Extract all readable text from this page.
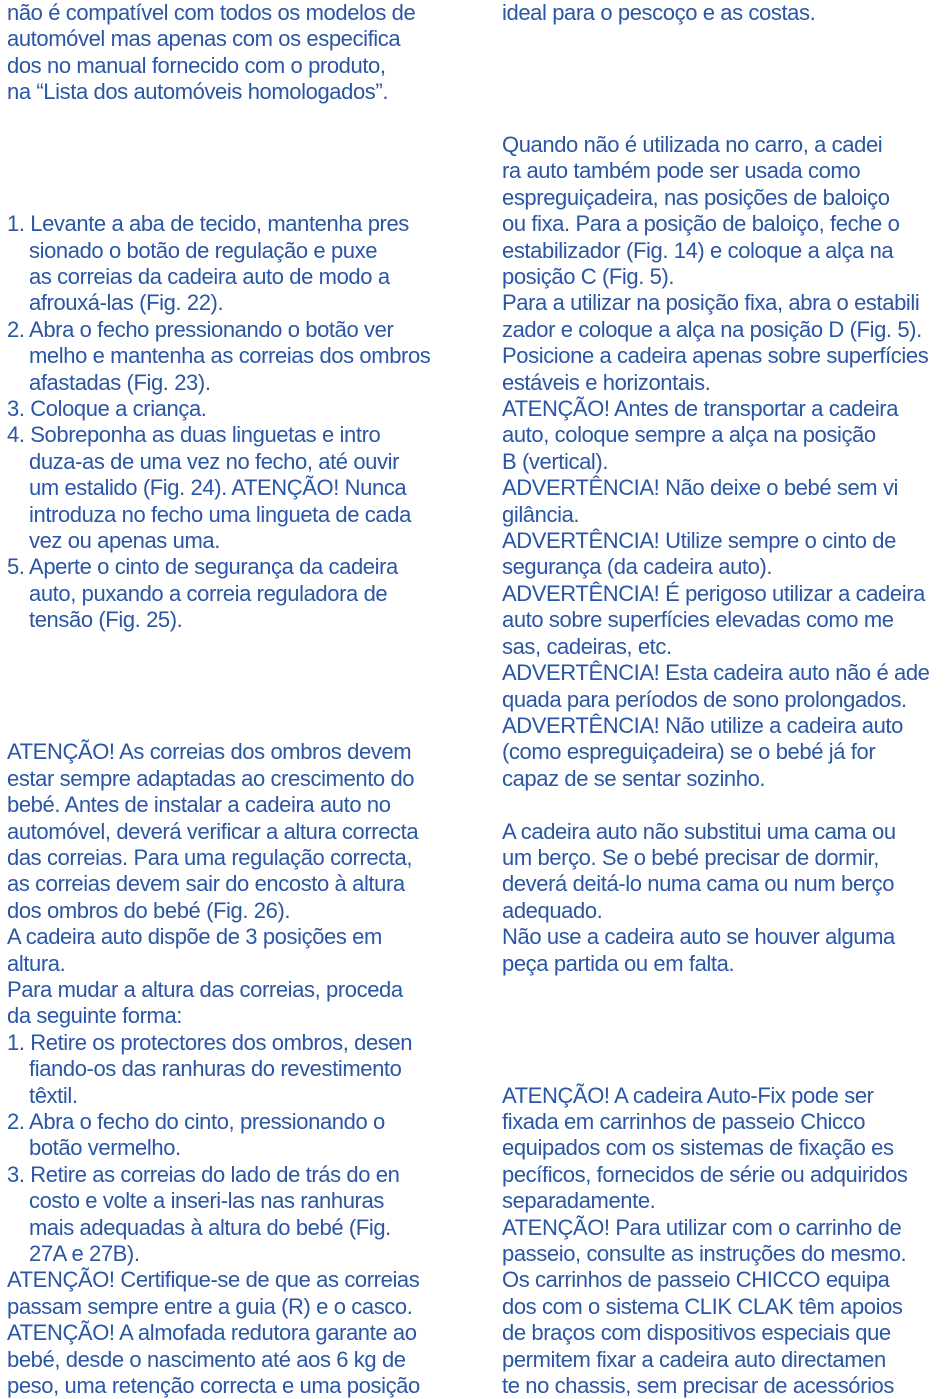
não é compatível com todos os modelos de
automóvel mas apenas com os especifica
dos no manual fornecido com o produto,
na “Lista dos automóveis homologados”.
1. Levante a aba de tecido, mantenha pres
sionado o botão de regulação e puxe
as correias da cadeira auto de modo a
afrouxá-las (Fig. 22).
2. Abra o fecho pressionando o botão ver
melho e mantenha as correias dos ombros
afastadas (Fig. 23).
3. Coloque a criança.
4. Sobreponha as duas linguetas e intro
duza-as de uma vez no fecho, até ouvir
um estalido (Fig. 24). ATENÇÃO! Nunca
introduza no fecho uma lingueta de cada
vez ou apenas uma.
5. Aperte o cinto de segurança da cadeira
auto, puxando a correia reguladora de
tensão (Fig. 25).
ATENÇÃO! As correias dos ombros devem
estar sempre adaptadas ao crescimento do
bebé. Antes de instalar a cadeira auto no
automóvel, deverá verificar a altura correcta
das correias. Para uma regulação correcta,
as correias devem sair do encosto à altura
dos ombros do bebé (Fig. 26).
A cadeira auto dispõe de 3 posições em
altura.
Para mudar a altura das correias, proceda
da seguinte forma:
1. Retire os protectores dos ombros, desen
fiando-os das ranhuras do revestimento
têxtil.
2. Abra o fecho do cinto, pressionando o
botão vermelho.
3. Retire as correias do lado de trás do en
costo e volte a inseri-las nas ranhuras
mais adequadas à altura do bebé (Fig.
27A e 27B).
ATENÇÃO! Certifique-se de que as correias
passam sempre entre a guia (R) e o casco.
ATENÇÃO! A almofada redutora garante ao
bebé, desde o nascimento até aos 6 kg de
peso, uma retenção correcta e uma posição
ideal para o pescoço e as costas.
Quando não é utilizada no carro, a cadei
ra auto também pode ser usada como
espreguiçadeira, nas posições de baloiço
ou fixa. Para a posição de baloiço, feche o
estabilizador (Fig. 14) e coloque a alça na
posição C (Fig. 5).
Para a utilizar na posição fixa, abra o estabili
zador e coloque a alça na posição D (Fig. 5).
Posicione a cadeira apenas sobre superfícies
estáveis e horizontais.
ATENÇÃO! Antes de transportar a cadeira
auto, coloque sempre a alça na posição
B (vertical).
ADVERTÊNCIA! Não deixe o bebé sem vi
gilância.
ADVERTÊNCIA! Utilize sempre o cinto de
segurança (da cadeira auto).
ADVERTÊNCIA! É perigoso utilizar a cadeira
auto sobre superfícies elevadas como me
sas, cadeiras, etc.
ADVERTÊNCIA! Esta cadeira auto não é ade
quada para períodos de sono prolongados.
ADVERTÊNCIA! Não utilize a cadeira auto
(como espreguiçadeira) se o bebé já for
capaz de se sentar sozinho.
A cadeira auto não substitui uma cama ou
um berço. Se o bebé precisar de dormir,
deverá deitá-lo numa cama ou num berço
adequado.
Não use a cadeira auto se houver alguma
peça partida ou em falta.
ATENÇÃO! A cadeira Auto-Fix pode ser
fixada em carrinhos de passeio Chicco
equipados com os sistemas de fixação es
pecíficos, fornecidos de série ou adquiridos
separadamente.
ATENÇÃO! Para utilizar com o carrinho de
passeio, consulte as instruções do mesmo.
Os carrinhos de passeio CHICCO equipa
dos com o sistema CLIK CLAK têm apoios
de braços com dispositivos especiais que
permitem fixar a cadeira auto directamen
te no chassis, sem precisar de acessórios
